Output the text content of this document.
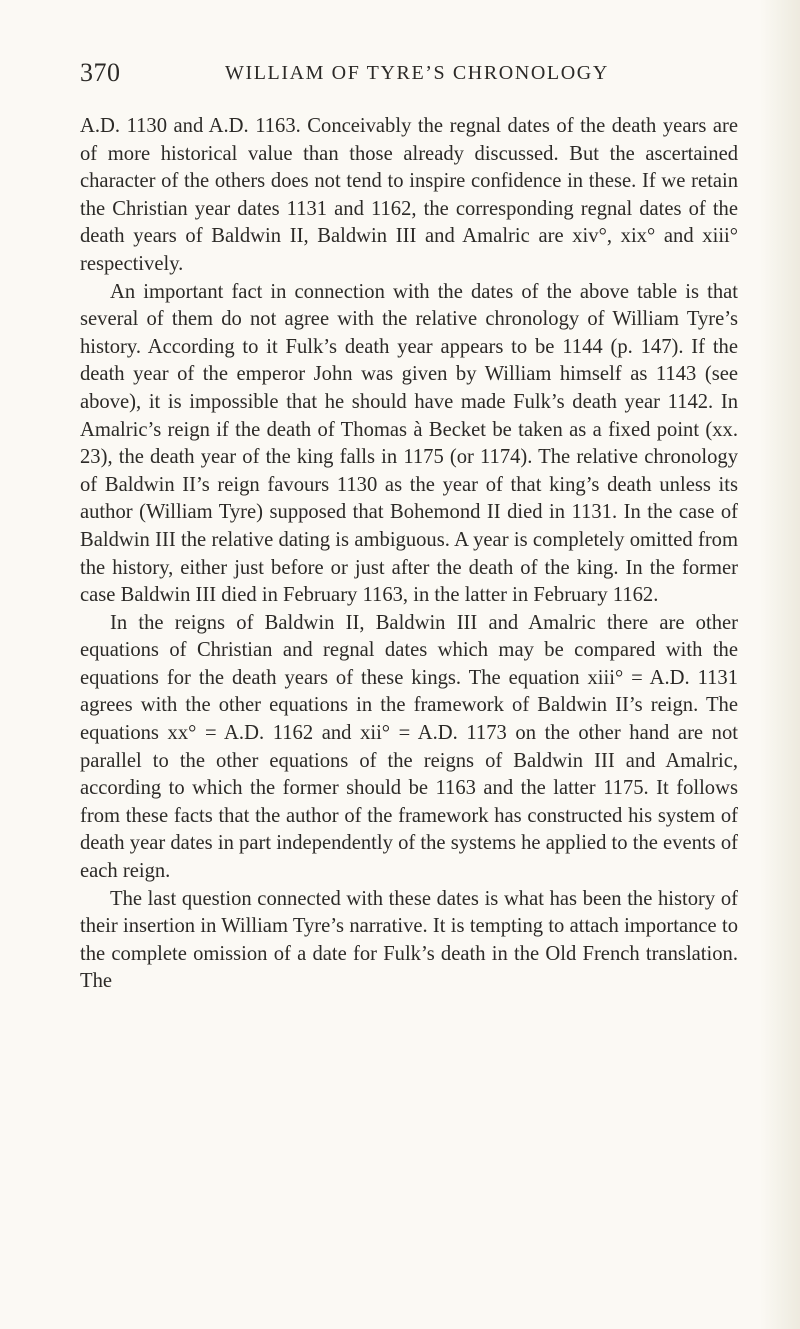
370	WILLIAM OF TYRE’S CHRONOLOGY

A.D. 1130 and A.D. 1163. Conceivably the regnal dates of the death years are of more historical value than those already discussed. But the ascertained character of the others does not tend to inspire confidence in these. If we retain the Christian year dates 1131 and 1162, the corresponding regnal dates of the death years of Baldwin II, Baldwin III and Amalric are xiv°, xix° and xiii° respectively.

An important fact in connection with the dates of the above table is that several of them do not agree with the relative chronology of William Tyre’s history. According to it Fulk’s death year appears to be 1144 (p. 147). If the death year of the emperor John was given by William himself as 1143 (see above), it is impossible that he should have made Fulk’s death year 1142. In Amalric’s reign if the death of Thomas à Becket be taken as a fixed point (xx. 23), the death year of the king falls in 1175 (or 1174). The relative chronology of Baldwin II’s reign favours 1130 as the year of that king’s death unless its author (William Tyre) supposed that Bohemond II died in 1131. In the case of Baldwin III the relative dating is ambiguous. A year is completely omitted from the history, either just before or just after the death of the king. In the former case Baldwin III died in February 1163, in the latter in February 1162.

In the reigns of Baldwin II, Baldwin III and Amalric there are other equations of Christian and regnal dates which may be compared with the equations for the death years of these kings. The equation xiii° = A.D. 1131 agrees with the other equations in the framework of Baldwin II’s reign. The equations xx° = A.D. 1162 and xii° = A.D. 1173 on the other hand are not parallel to the other equations of the reigns of Baldwin III and Amalric, according to which the former should be 1163 and the latter 1175. It follows from these facts that the author of the framework has constructed his system of death year dates in part independently of the systems he applied to the events of each reign.

The last question connected with these dates is what has been the history of their insertion in William Tyre’s narrative. It is tempting to attach importance to the complete omission of a date for Fulk’s death in the Old French translation. The
